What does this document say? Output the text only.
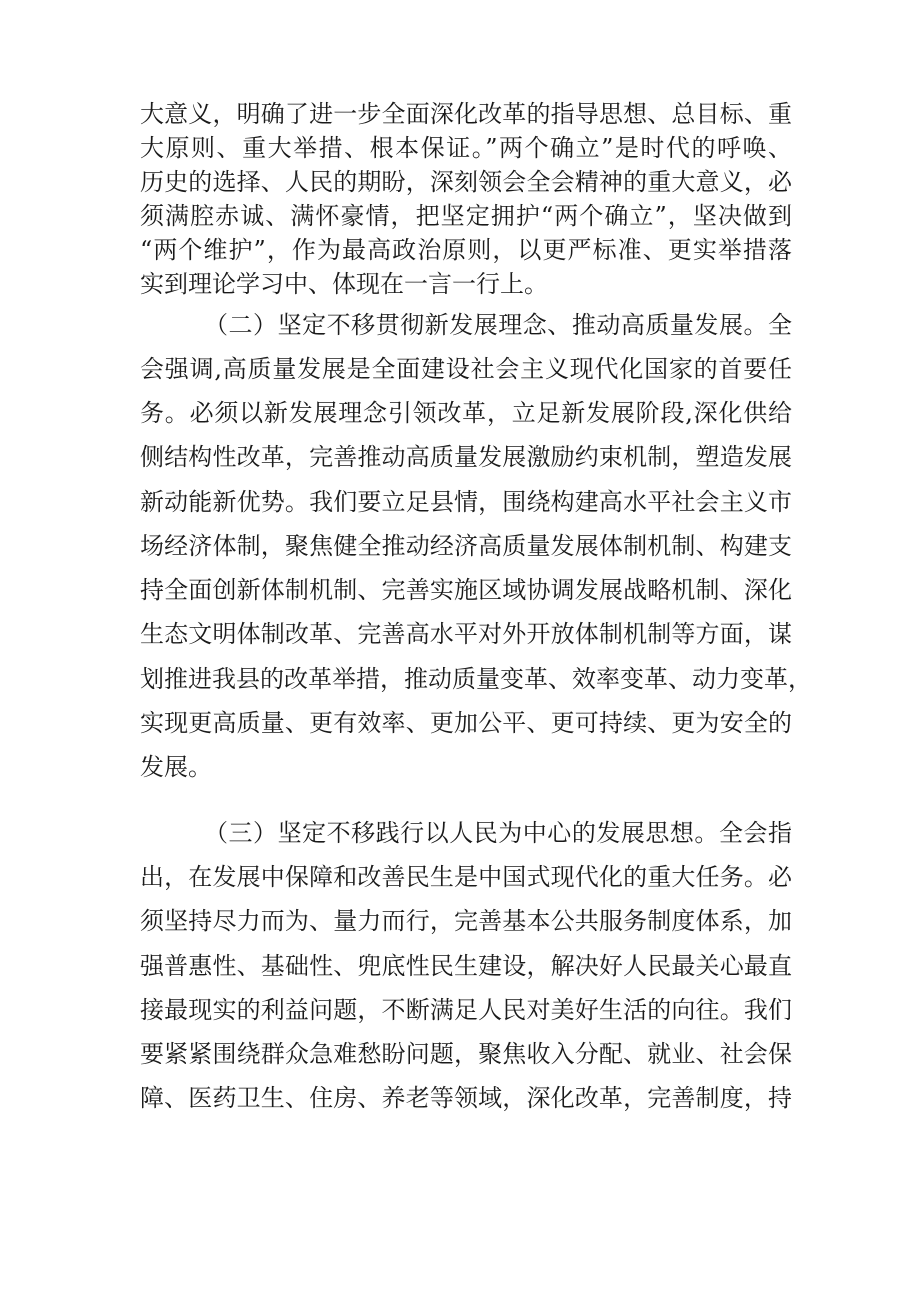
大意义，明确了进一步全面深化改革的指导思想、总目标、重
大原则、重大举措、根本保证。”两个确立”是时代的呼唤、
历史的选择、人民的期盼，深刻领会全会精神的重大意义，必
须满腔赤诚、满怀豪情，把坚定拥护“两个确立”，坚决做到
“两个维护”，作为最高政治原则，以更严标准、更实举措落
实到理论学习中、体现在一言一行上。
（二）坚定不移贯彻新发展理念、推动高质量发展。全
会强调,高质量发展是全面建设社会主义现代化国家的首要任
务。必须以新发展理念引领改革，立足新发展阶段,深化供给
侧结构性改革，完善推动高质量发展激励约束机制，塑造发展
新动能新优势。我们要立足县情，围绕构建高水平社会主义市
场经济体制，聚焦健全推动经济高质量发展体制机制、构建支
持全面创新体制机制、完善实施区域协调发展战略机制、深化
生态文明体制改革、完善高水平对外开放体制机制等方面，谋
划推进我县的改革举措，推动质量变革、效率变革、动力变革，
实现更高质量、更有效率、更加公平、更可持续、更为安全的
发展。
（三）坚定不移践行以人民为中心的发展思想。全会指
出，在发展中保障和改善民生是中国式现代化的重大任务。必
须坚持尽力而为、量力而行，完善基本公共服务制度体系，加
强普惠性、基础性、兜底性民生建设，解决好人民最关心最直
接最现实的利益问题，不断满足人民对美好生活的向往。我们
要紧紧围绕群众急难愁盼问题，聚焦收入分配、就业、社会保
障、医药卫生、住房、养老等领域，深化改革，完善制度，持
